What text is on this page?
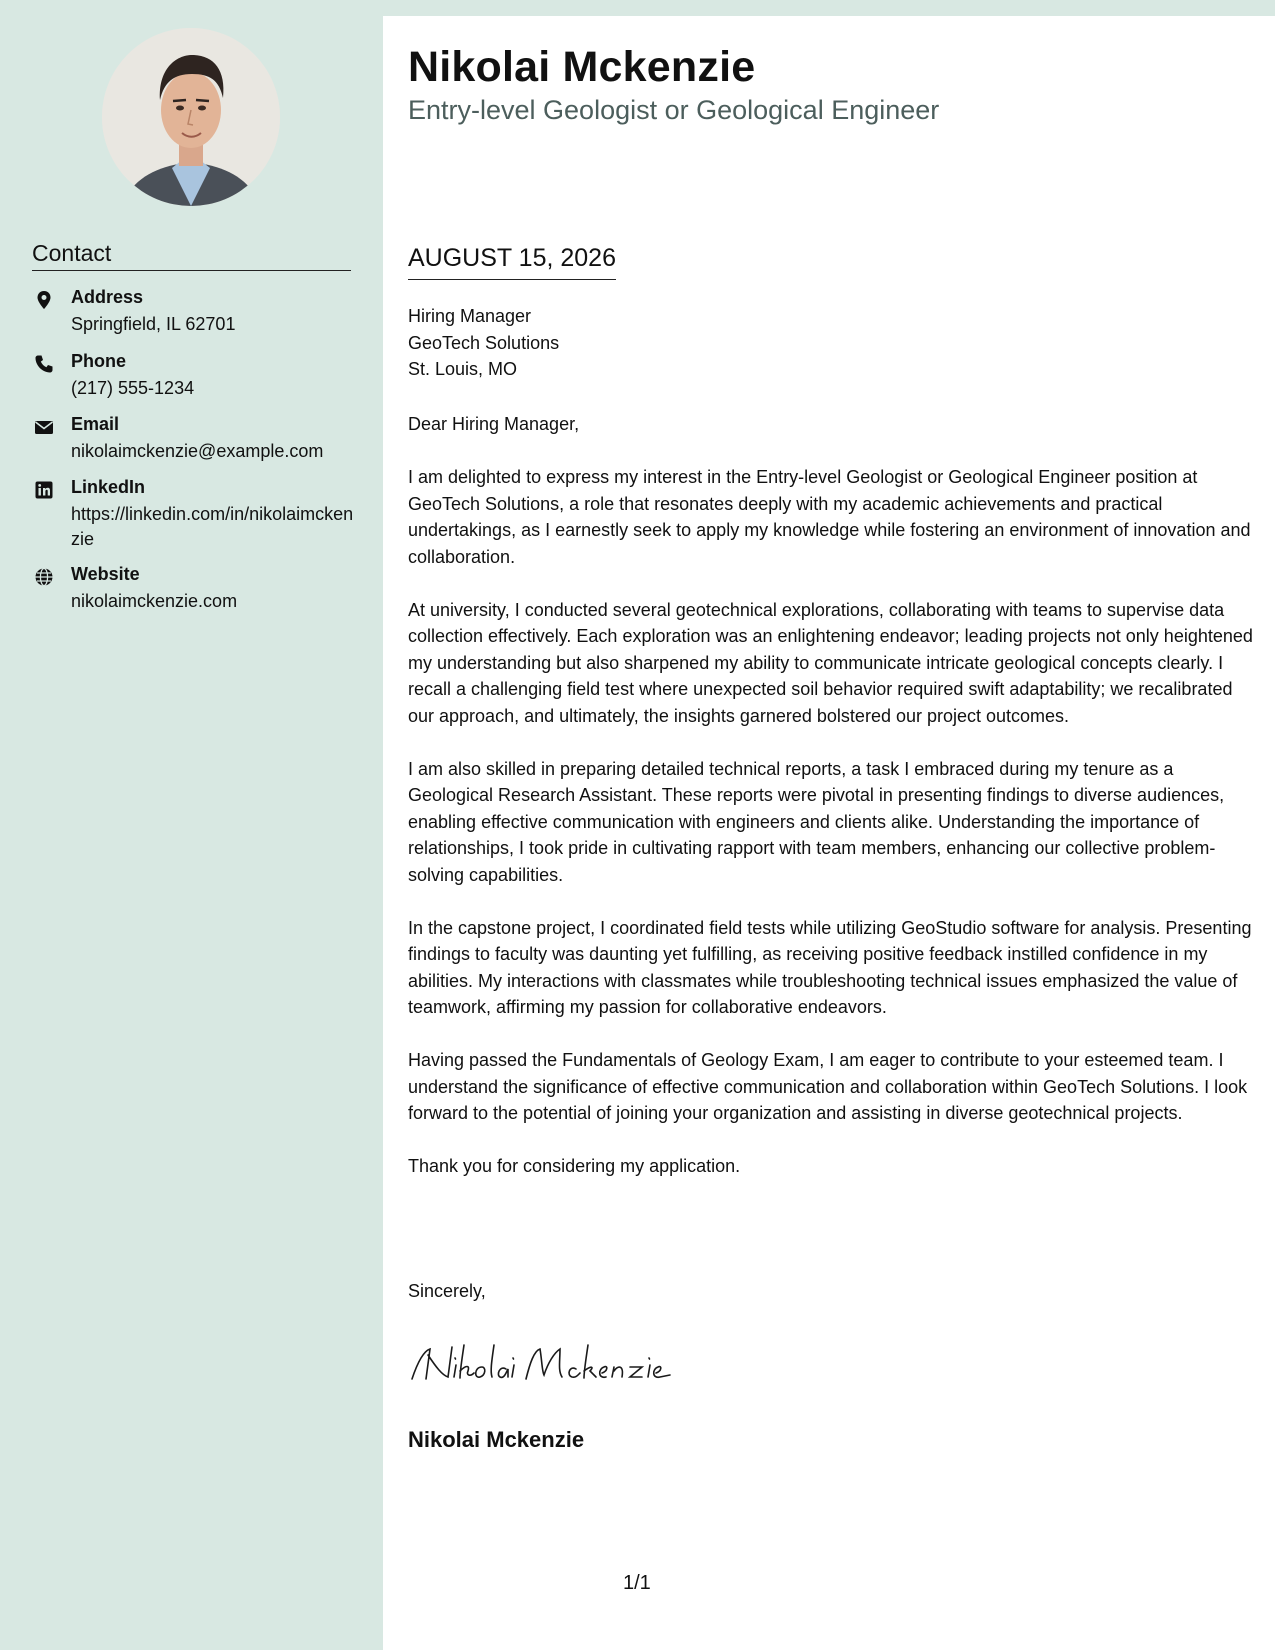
Contact
Address
Springfield, IL 62701
Phone
(217) 555-1234
Email
nikolaimckenzie@example.com
LinkedIn
https://linkedin.com/in/nikolaimckenzie
Website
nikolaimckenzie.com
Nikolai Mckenzie
Entry-level Geologist or Geological Engineer
AUGUST 15, 2026
Hiring Manager
GeoTech Solutions
St. Louis, MO

Dear Hiring Manager,

I am delighted to express my interest in the Entry-level Geologist or Geological Engineer position at GeoTech Solutions, a role that resonates deeply with my academic achievements and practical undertakings, as I earnestly seek to apply my knowledge while fostering an environment of innovation and collaboration.

At university, I conducted several geotechnical explorations, collaborating with teams to supervise data collection effectively. Each exploration was an enlightening endeavor; leading projects not only heightened my understanding but also sharpened my ability to communicate intricate geological concepts clearly. I recall a challenging field test where unexpected soil behavior required swift adaptability; we recalibrated our approach, and ultimately, the insights garnered bolstered our project outcomes.

I am also skilled in preparing detailed technical reports, a task I embraced during my tenure as a Geological Research Assistant. These reports were pivotal in presenting findings to diverse audiences, enabling effective communication with engineers and clients alike. Understanding the importance of relationships, I took pride in cultivating rapport with team members, enhancing our collective problem-solving capabilities.

In the capstone project, I coordinated field tests while utilizing GeoStudio software for analysis. Presenting findings to faculty was daunting yet fulfilling, as receiving positive feedback instilled confidence in my abilities. My interactions with classmates while troubleshooting technical issues emphasized the value of teamwork, affirming my passion for collaborative endeavors.

Having passed the Fundamentals of Geology Exam, I am eager to contribute to your esteemed team. I understand the significance of effective communication and collaboration within GeoTech Solutions. I look forward to the potential of joining your organization and assisting in diverse geotechnical projects.

Thank you for considering my application.

Sincerely,
Nikolai Mckenzie
1/1
